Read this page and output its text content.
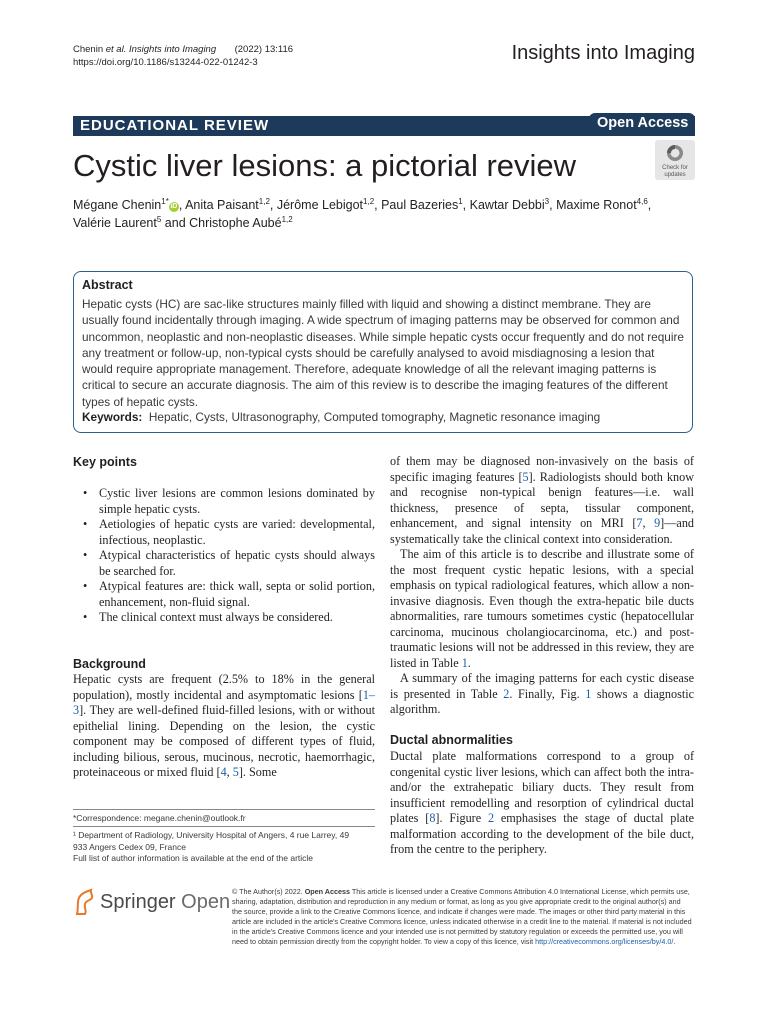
Chenin et al. Insights into Imaging (2022) 13:116
https://doi.org/10.1186/s13244-022-01242-3	Insights into Imaging
EDUCATIONAL REVIEW	Open Access
Cystic liver lesions: a pictorial review	Check for
updates
Mégane Chenin$^{1*}$iD , Anita Paisant$^{1,2}$, Jérôme Lebigot$^{1,2}$, Paul Bazeries$^1$, Kawtar Debbi$^3$, Maxime Ronot$^{4,6}$,
Valérie Laurent$^5$ and Christophe Aubé$^{1,2}$
Abstract
Hepatic cysts (HC) are sac-like structures mainly filled with liquid and showing a distinct membrane. They are usually found incidentally through imaging. A wide spectrum of imaging patterns may be observed for common and uncommon, neoplastic and non-neoplastic diseases. While simple hepatic cysts occur frequently and do not require any treatment or follow-up, non-typical cysts should be carefully analysed to avoid misdiagnosing a lesion that would require appropriate management. Therefore, adequate knowledge of all the relevant imaging patterns is critical to secure an accurate diagnosis. The aim of this review is to describe the imaging features of the different types of hepatic cysts.
Keywords: Hepatic, Cysts, Ultrasonography, Computed tomography, Magnetic resonance imaging
Key points
• Cystic liver lesions are common lesions dominated by simple hepatic cysts.
• Aetiologies of hepatic cysts are varied: developmental, infectious, neoplastic.
• Atypical characteristics of hepatic cysts should always be searched for.
• Atypical features are: thick wall, septa or solid portion, enhancement, non-fluid signal.
• The clinical context must always be considered.
Background

Hepatic cysts are frequent (2.5% to 18% in the general population), mostly incidental and asymptomatic lesions [1–3]. They are well-defined fluid-filled lesions, with or without epithelial lining. Depending on the lesion, the cystic component may be composed of different types of fluid, including bilious, serous, mucinous, necrotic, haemorrhagic, proteinaceous or mixed fluid [4, 5]. Some

of them may be diagnosed non-invasively on the basis of specific imaging features [5]. Radiologists should both know and recognise non-typical benign features—i.e. wall thickness, presence of septa, tissular component, enhancement, and signal intensity on MRI [7, 9]—and systematically take the clinical context into consideration.

The aim of this article is to describe and illustrate some of the most frequent cystic hepatic lesions, with a special emphasis on typical radiological features, which allow a non-invasive diagnosis. Even though the extra-hepatic bile ducts abnormalities, rare tumours sometimes cystic (hepatocellular carcinoma, mucinous cholangiocarcinoma, etc.) and post-traumatic lesions will not be addressed in this review, they are listed in Table 1.

A summary of the imaging patterns for each cystic disease is presented in Table 2. Finally, Fig. 1 shows a diagnostic algorithm.

Ductal abnormalities

Ductal plate malformations correspond to a group of congenital cystic liver lesions, which can affect both the intra- and/or the extrahepatic biliary ducts. They result from insufficient remodelling and resorption of cylindrical ductal plates [8]. Figure 2 emphasises the stage of ductal plate malformation according to the development of the bile duct, from the centre to the periphery.

*Correspondence: megane.chenin@outlook.fr
¹ Department of Radiology, University Hospital of Angers, 4 rue Larrey, 49
933 Angers Cedex 09, France
Full list of author information is available at the end of the article
Springer Open © The Author(s) 2022. Open Access This article is licensed under a Creative Commons Attribution 4.0 International License, which permits use, sharing, adaptation, distribution and reproduction in any medium or format, as long as you give appropriate credit to the original author(s) and the source, provide a link to the Creative Commons licence, and indicate if changes were made. The images or other third party material in this article are included in the article's Creative Commons licence, unless indicated otherwise in a credit line to the material. If material is not included in the article's Creative Commons licence and your intended use is not permitted by statutory regulation or exceeds the permitted use, you will need to obtain permission directly from the copyright holder. To view a copy of this licence, visit http://creativecommons.org/licenses/by/4.0/.
